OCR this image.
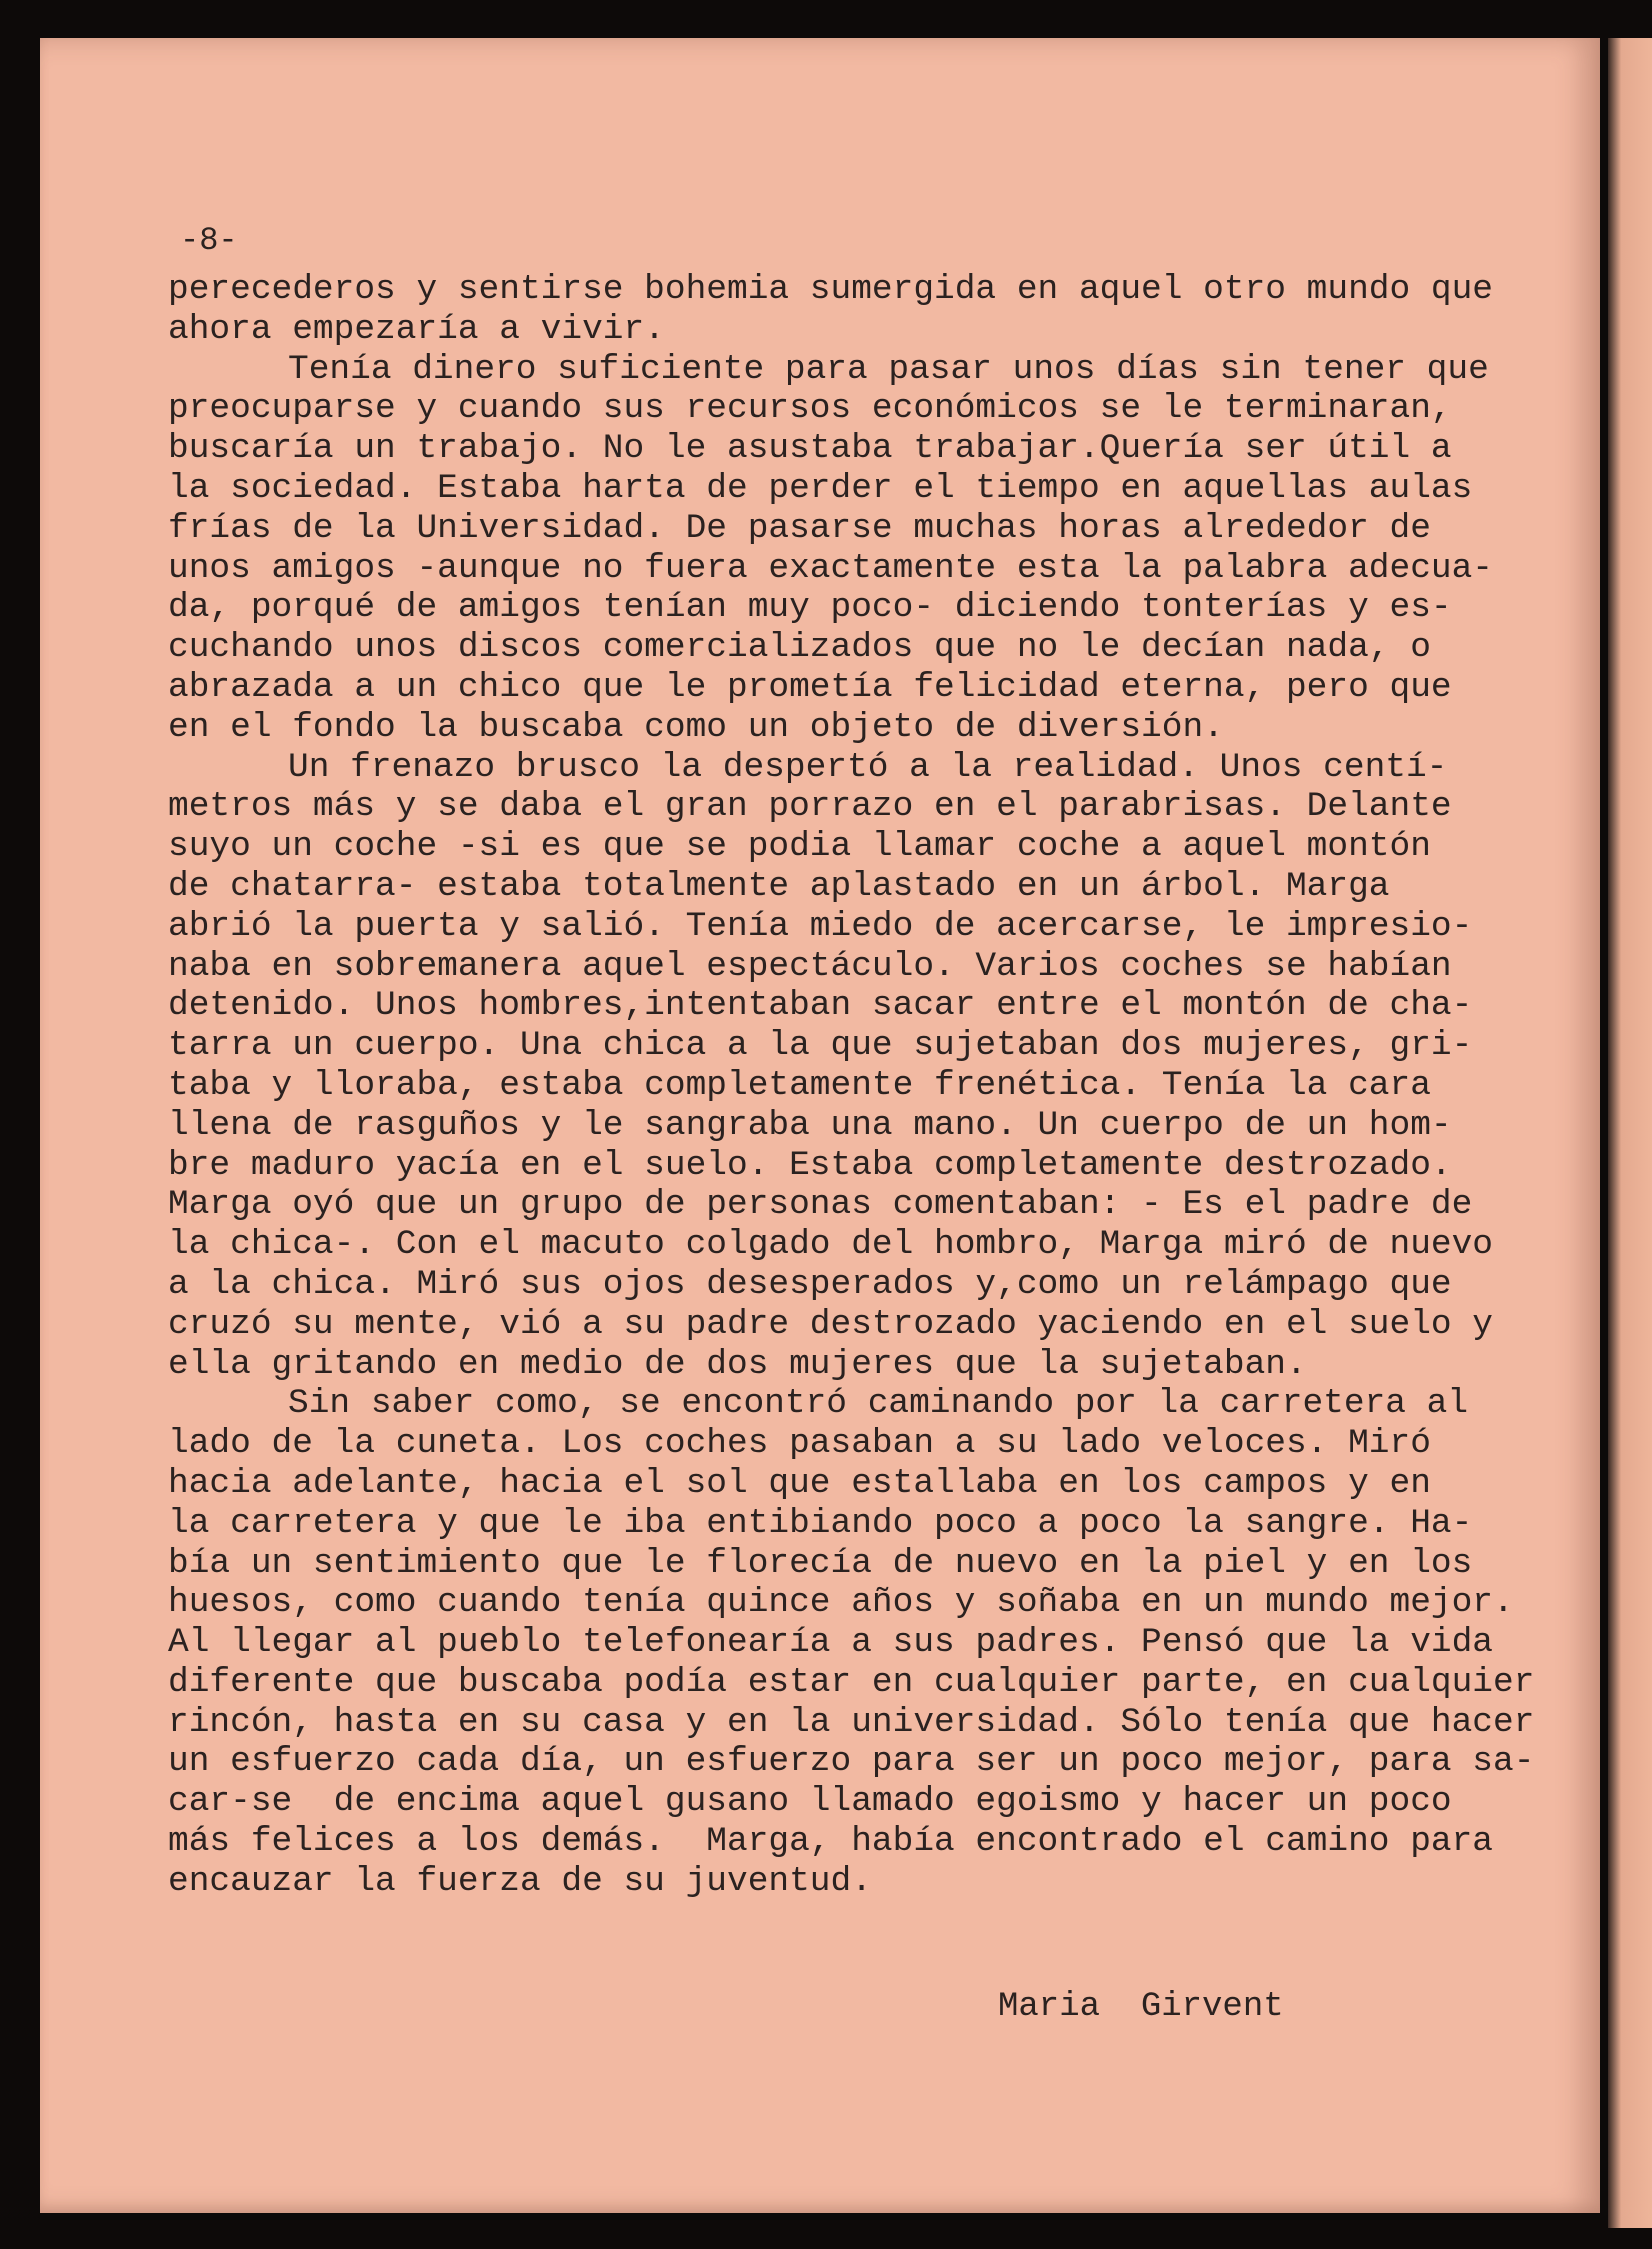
-8-

perecederos y sentirse bohemia sumergida en aquel otro mundo que
ahora empezaría a vivir.
Tenía dinero suficiente para pasar unos días sin tener que
preocuparse y cuando sus recursos económicos se le terminaran,
buscaría un trabajo. No le asustaba trabajar.Quería ser útil a
la sociedad. Estaba harta de perder el tiempo en aquellas aulas
frías de la Universidad. De pasarse muchas horas alrededor de
unos amigos -aunque no fuera exactamente esta la palabra adecua-
da, porqué de amigos tenían muy poco- diciendo tonterías y es-
cuchando unos discos comercializados que no le decían nada, o
abrazada a un chico que le prometía felicidad eterna, pero que
en el fondo la buscaba como un objeto de diversión.
Un frenazo brusco la despertó a la realidad. Unos centí-
metros más y se daba el gran porrazo en el parabrisas. Delante
suyo un coche -si es que se podia llamar coche a aquel montón
de chatarra- estaba totalmente aplastado en un árbol. Marga
abrió la puerta y salió. Tenía miedo de acercarse, le impresio-
naba en sobremanera aquel espectáculo. Varios coches se habían
detenido. Unos hombres,intentaban sacar entre el montón de cha-
tarra un cuerpo. Una chica a la que sujetaban dos mujeres, gri-
taba y lloraba, estaba completamente frenética. Tenía la cara
llena de rasguños y le sangraba una mano. Un cuerpo de un hom-
bre maduro yacía en el suelo. Estaba completamente destrozado.
Marga oyó que un grupo de personas comentaban: - Es el padre de
la chica-. Con el macuto colgado del hombro, Marga miró de nuevo
a la chica. Miró sus ojos desesperados y,como un relámpago que
cruzó su mente, vió a su padre destrozado yaciendo en el suelo y
ella gritando en medio de dos mujeres que la sujetaban.
Sin saber como, se encontró caminando por la carretera al
lado de la cuneta. Los coches pasaban a su lado veloces. Miró
hacia adelante, hacia el sol que estallaba en los campos y en
la carretera y que le iba entibiando poco a poco la sangre. Ha-
bía un sentimiento que le florecía de nuevo en la piel y en los
huesos, como cuando tenía quince años y soñaba en un mundo mejor.
Al llegar al pueblo telefonearía a sus padres. Pensó que la vida
diferente que buscaba podía estar en cualquier parte, en cualquier
rincón, hasta en su casa y en la universidad. Sólo tenía que hacer
un esfuerzo cada día, un esfuerzo para ser un poco mejor, para sa-
car-se  de encima aquel gusano llamado egoismo y hacer un poco
más felices a los demás.  Marga, había encontrado el camino para
encauzar la fuerza de su juventud.

Maria  Girvent
